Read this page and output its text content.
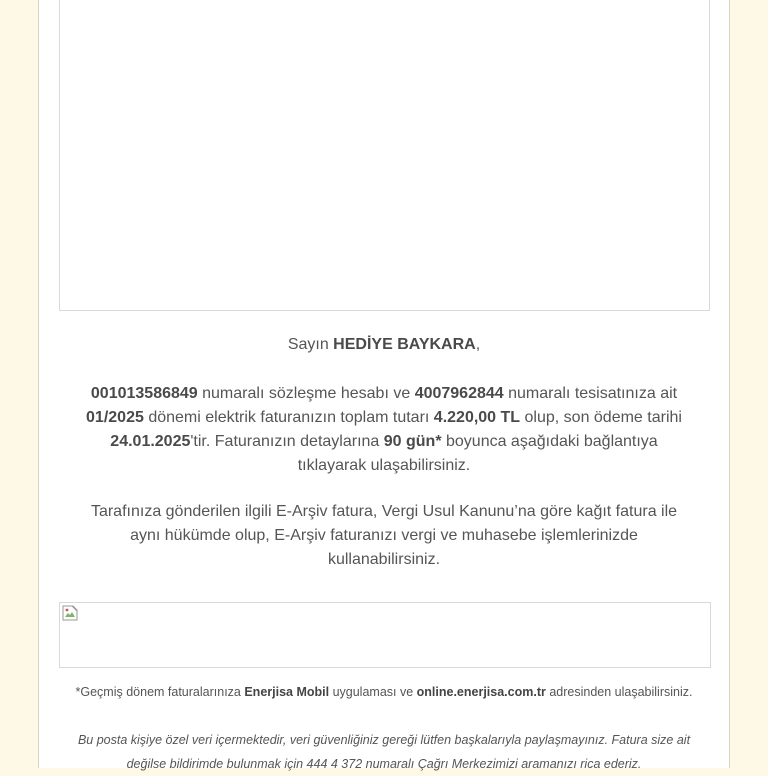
Sayın HEDİYE BAYKARA,
001013586849 numaralı sözleşme hesabı ve 4007962844 numaralı tesisatınıza ait 01/2025 dönemi elektrik faturanızın toplam tutarı 4.220,00 TL olup, son ödeme tarihi 24.01.2025'tir. Faturanızın detaylarına 90 gün* boyunca aşağıdaki bağlantıya tıklayarak ulaşabilirsiniz.
Tarafınıza gönderilen ilgili E-Arşiv fatura, Vergi Usul Kanunu’na göre kağıt fatura ile aynı hükümde olup, E-Arşiv faturanızı vergi ve muhasebe işlemlerinizde kullanabilirsiniz.
*Geçmiş dönem faturalarınıza Enerjisa Mobil uygulaması ve online.enerjisa.com.tr adresinden ulaşabilirsiniz.
Bu posta kişiye özel veri içermektedir, veri güvenliğiniz gereği lütfen başkalarıyla paylaşmayınız. Fatura size ait değilse bildirimde bulunmak için 444 4 372 numaralı Çağrı Merkezimizi aramanızı rica ederiz.
